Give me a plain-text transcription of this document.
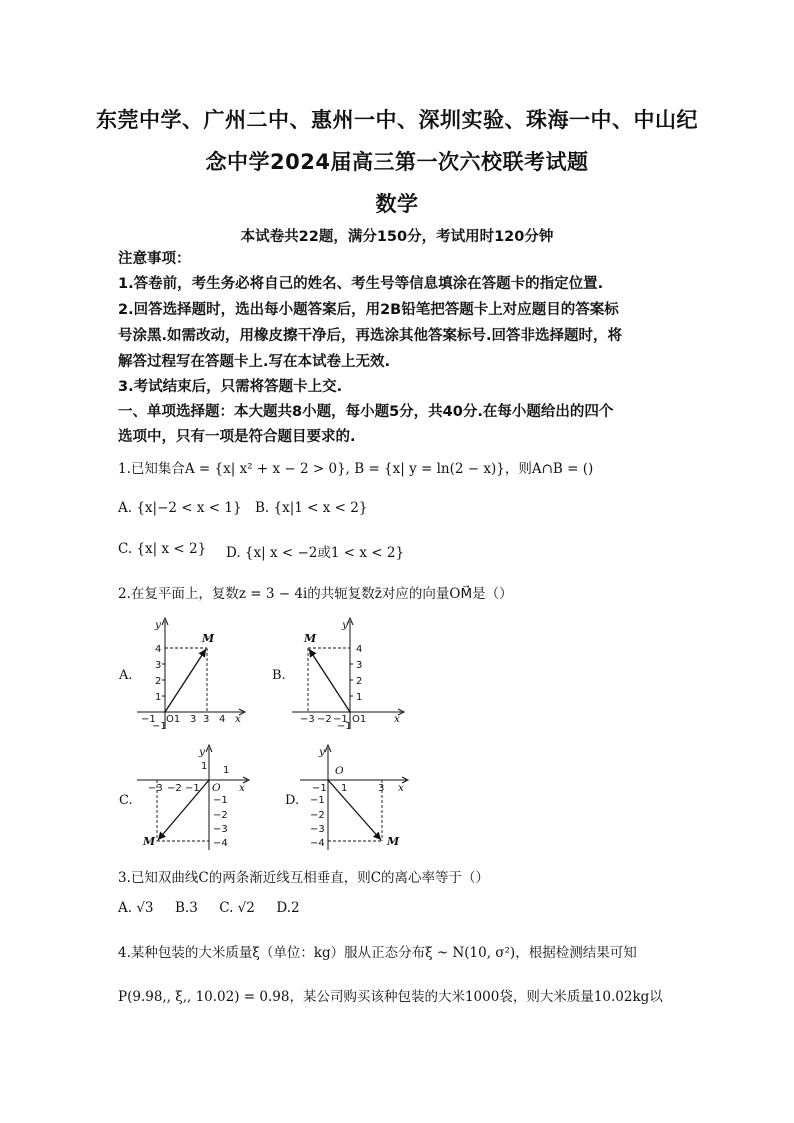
东莞中学、广州二中、惠州一中、深圳实验、珠海一中、中山纪
念中学2024届高三第一次六校联考试题
数学
本试卷共22题，满分150分，考试用时120分钟
注意事项：
1.答卷前，考生务必将自己的姓名、考生号等信息填涂在答题卡的指定位置.
2.回答选择题时，选出每小题答案后，用2B铅笔把答题卡上对应题目的答案标
号涂黑.如需改动，用橡皮擦干净后，再选涂其他答案标号.回答非选择题时，将
解答过程写在答题卡上.写在本试卷上无效.
3.考试结束后，只需将答题卡上交.
一、单项选择题：本大题共8小题，每小题5分，共40分.在每小题给出的四个
选项中，只有一项是符合题目要求的.
1.已知集合A = {x| x² + x − 2 > 0}, B = {x| y = ln(2 − x)}，则A∩B = ()
A. {x|−2 < x < 1} B. {x|1 < x < 2}
C. {x| x < 2} D. {x| x < −2或1 < x < 2}
2.在复平面上，复数z = 3 − 4i的共轭复数z̄对应的向量OM⃗是（）
A.	B.
C.	D.
y
M
4
3
2
1
−1 O1 3 3 4 x
−1
y
M
4
3
2
1
−3 −2 −1 O1	x
−1
y
1 1
−3 −2 −1 O x
−1
−2
−3
−4
M
y
O
−1 1	3 x
−1
−2
−3
−4	M
3.已知双曲线C的两条渐近线互相垂直，则C的离心率等于（）
A. √3     B.3     C. √2     D.2
4.某种包装的大米质量ξ（单位：kg）服从正态分布ξ ~ N(10, σ²)，根据检测结果可知
P(9.98,, ξ,, 10.02) = 0.98，某公司购买该种包装的大米1000袋，则大米质量10.02kg以
